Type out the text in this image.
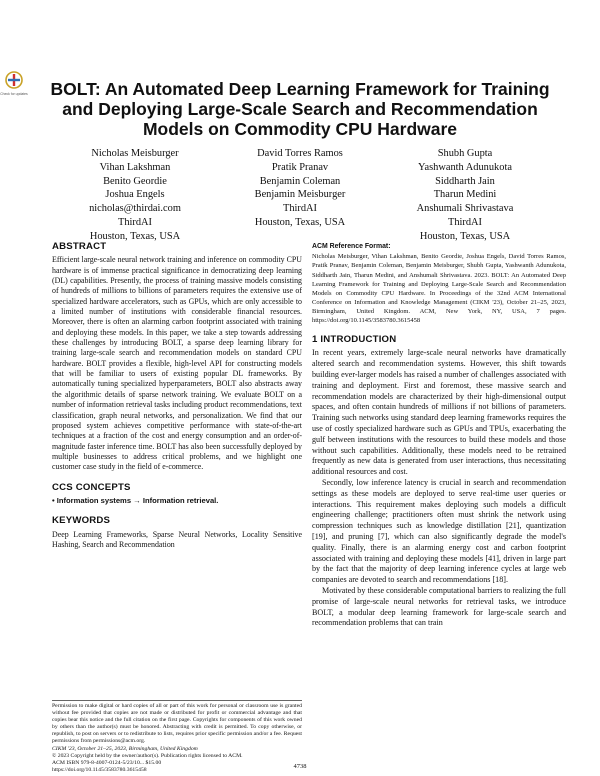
Check for updates	BOLT: An Automated Deep Learning Framework for Training and Deploying Large-Scale Search and Recommendation Models on Commodity CPU Hardware
Nicholas Meisburger
Vihan Lakshman
Benito Geordie
Joshua Engels
nicholas@thirdai.com
ThirdAI
Houston, Texas, USA
David Torres Ramos
Pratik Pranav
Benjamin Coleman
Benjamin Meisburger
ThirdAI
Houston, Texas, USA
Shubh Gupta
Yashwanth Adunukota
Siddharth Jain
Tharun Medini
Anshumali Shrivastava
ThirdAI
Houston, Texas, USA
ABSTRACT

Efficient large-scale neural network training and inference on commodity CPU hardware is of immense practical significance in democratizing deep learning (DL) capabilities. Presently, the process of training massive models consisting of hundreds of millions to billions of parameters requires the extensive use of specialized hardware accelerators, such as GPUs, which are only accessible to a limited number of institutions with considerable financial resources. Moreover, there is often an alarming carbon footprint associated with training and deploying these models. In this paper, we take a step towards addressing these challenges by introducing BOLT, a sparse deep learning library for training large-scale search and recommendation models on standard CPU hardware. BOLT provides a flexible, high-level API for constructing models that will be familiar to users of existing popular DL frameworks. By automatically tuning specialized hyperparameters, BOLT also abstracts away the algorithmic details of sparse network training. We evaluate BOLT on a number of information retrieval tasks including product recommendations, text classification, graph neural networks, and personalization. We find that our proposed system achieves competitive performance with state-of-the-art techniques at a fraction of the cost and energy consumption and an order-of-magnitude faster inference time. BOLT has also been successfully deployed by multiple businesses to address critical problems, and we highlight one customer case study in the field of e-commerce.

CCS CONCEPTS

• Information systems → Information retrieval.

KEYWORDS

Deep Learning Frameworks, Sparse Neural Networks, Locality Sensitive Hashing, Search and Recommendation

Permission to make digital or hard copies of all or part of this work for personal or classroom use is granted without fee provided that copies are not made or distributed for profit or commercial advantage and that copies bear this notice and the full citation on the first page. Copyrights for components of this work owned by others than the author(s) must be honored. Abstracting with credit is permitted. To copy otherwise, or republish, to post on servers or to redistribute to lists, requires prior specific permission and/or a fee. Request permissions from permissions@acm.org.
CIKM '23, October 21–25, 2023, Birmingham, United Kingdom
© 2023 Copyright held by the owner/author(s). Publication rights licensed to ACM.
ACM ISBN 979-8-4007-0124-5/23/10... $15.00
https://doi.org/10.1145/3583780.3615458
ACM Reference Format:

Nicholas Meisburger, Vihan Lakshman, Benito Geordie, Joshua Engels, David Torres Ramos, Pratik Pranav, Benjamin Coleman, Benjamin Meisburger, Shubh Gupta, Yashwanth Adunukota, Siddharth Jain, Tharun Medini, and Anshumali Shrivastava. 2023. BOLT: An Automated Deep Learning Framework for Training and Deploying Large-Scale Search and Recommendation Models on Commodity CPU Hardware. In Proceedings of the 32nd ACM International Conference on Information and Knowledge Management (CIKM '23), October 21–25, 2023, Birmingham, United Kingdom. ACM, New York, NY, USA, 7 pages. https://doi.org/10.1145/3583780.3615458

1 INTRODUCTION

In recent years, extremely large-scale neural networks have dramatically altered search and recommendation systems. However, this shift towards building ever-larger models has raised a number of challenges associated with training and deployment. First and foremost, these massive search and recommendation models are characterized by their high-dimensional output spaces, and often contain hundreds of millions if not billions of parameters. Training such networks using standard deep learning frameworks requires the use of costly specialized hardware such as GPUs and TPUs, exacerbating the gulf between institutions with the resources to build these models and those without such capabilities. Additionally, these models need to be retrained frequently as new data is generated from user interactions, thus necessitating additional resources and cost.

Secondly, low inference latency is crucial in search and recommendation settings as these models are deployed to serve real-time user queries or interactions. This requirement makes deploying such models a difficult engineering challenge; practitioners often must shrink the network using compression techniques such as knowledge distillation [21], quantization [19], and pruning [7], which can also significantly degrade the model's quality. Finally, there is an alarming energy cost and carbon footprint associated with training and deploying these models [41], driven in large part by the fact that the majority of deep learning inference cycles at large web companies are devoted to search and recommendations [18].

Motivated by these considerable computational barriers to realizing the full promise of large-scale neural networks for retrieval tasks, we introduce BOLT, a modular deep learning framework for large-scale search and recommendation problems that can train

4738
